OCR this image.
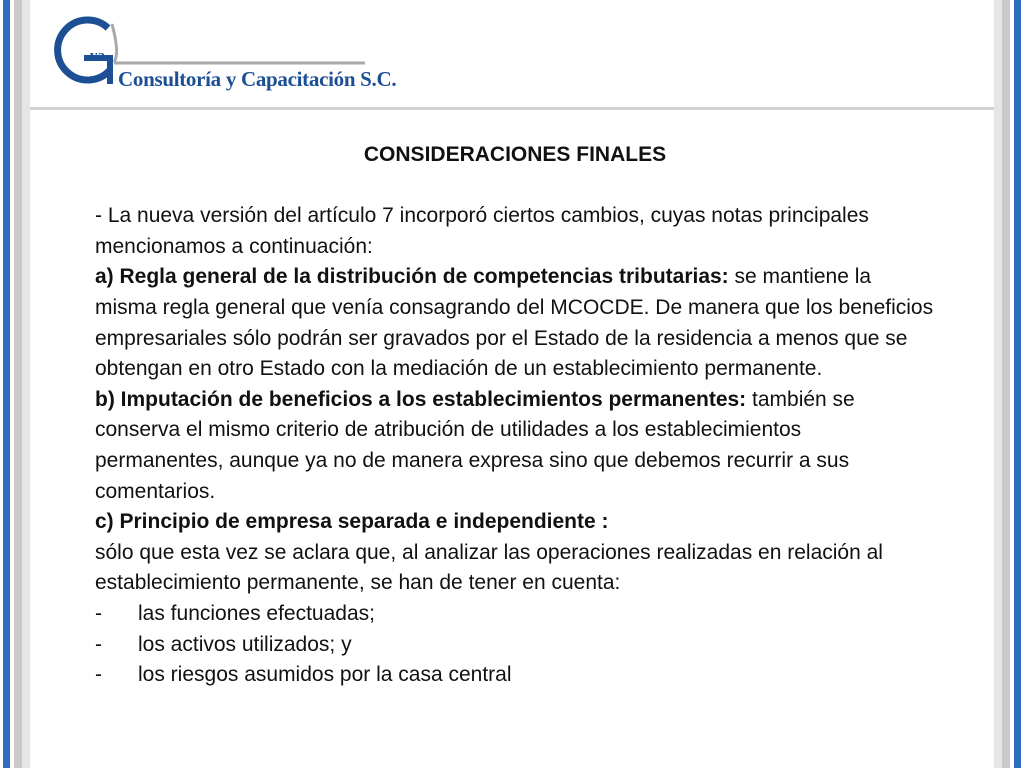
va
Consultoría y Capacitación S.C.
CONSIDERACIONES FINALES

- La nueva versión del artículo 7 incorporó ciertos cambios, cuyas notas principales mencionamos a continuación:

a) Regla general de la distribución de competencias tributarias: se mantiene la misma regla general que venía consagrando del MCOCDE. De manera que los beneficios empresariales sólo podrán ser gravados por el Estado de la residencia a menos que se obtengan en otro Estado con la mediación de un establecimiento permanente.

b) Imputación de beneficios a los establecimientos permanentes: también se conserva el mismo criterio de atribución de utilidades a los establecimientos permanentes, aunque ya no de manera expresa sino que debemos recurrir a sus comentarios.

c) Principio de empresa separada e independiente :

sólo que esta vez se aclara que, al analizar las operaciones realizadas en relación al establecimiento permanente, se han de tener en cuenta:

-	las funciones efectuadas;
-	los activos utilizados; y
-	los riesgos asumidos por la casa central
